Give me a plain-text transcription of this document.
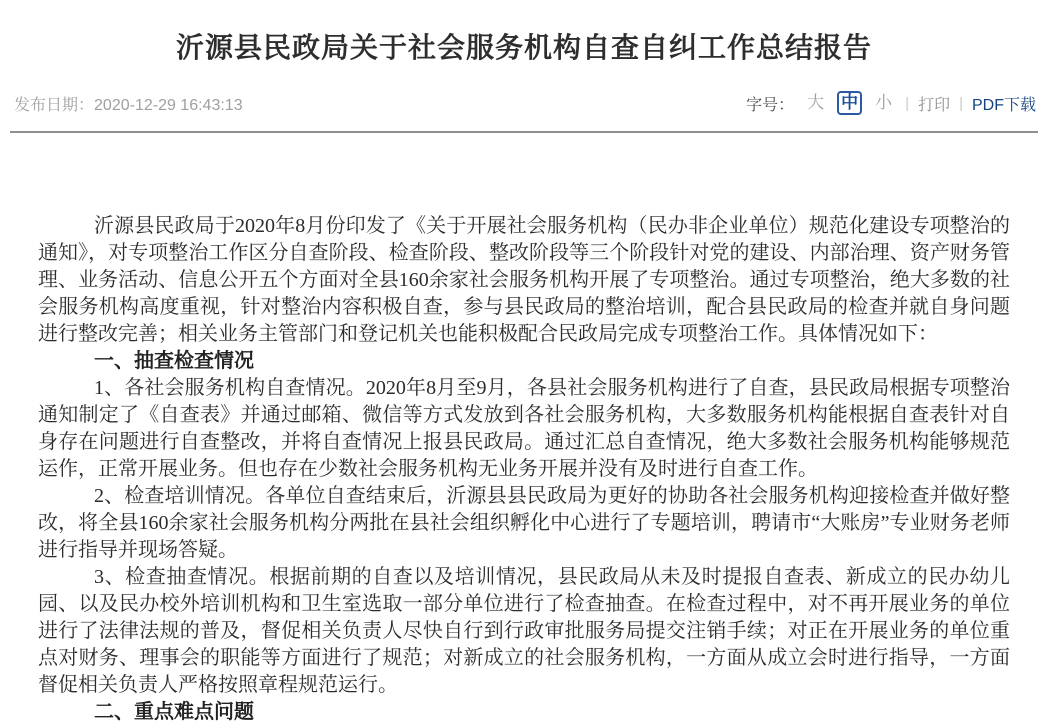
沂源县民政局关于社会服务机构自查自纠工作总结报告
发布日期：2020-12-29 16:43:13	字号： 大 中 小 | 打印 | PDF下载

沂源县民政局于2020年8月份印发了《关于开展社会服务机构（民办非企业单位）规范化建设专项整治的通知》，对专项整治工作区分自查阶段、检查阶段、整改阶段等三个阶段针对党的建设、内部治理、资产财务管理、业务活动、信息公开五个方面对全县160余家社会服务机构开展了专项整治。通过专项整治，绝大多数的社会服务机构高度重视，针对整治内容积极自查，参与县民政局的整治培训，配合县民政局的检查并就自身问题进行整改完善；相关业务主管部门和登记机关也能积极配合民政局完成专项整治工作。具体情况如下：

一、抽查检查情况

1、各社会服务机构自查情况。2020年8月至9月，各县社会服务机构进行了自查，县民政局根据专项整治通知制定了《自查表》并通过邮箱、微信等方式发放到各社会服务机构，大多数服务机构能根据自查表针对自身存在问题进行自查整改，并将自查情况上报县民政局。通过汇总自查情况，绝大多数社会服务机构能够规范运作，正常开展业务。但也存在少数社会服务机构无业务开展并没有及时进行自查工作。

2、检查培训情况。各单位自查结束后，沂源县县民政局为更好的协助各社会服务机构迎接检查并做好整改，将全县160余家社会服务机构分两批在县社会组织孵化中心进行了专题培训，聘请市“大账房”专业财务老师进行指导并现场答疑。

3、检查抽查情况。根据前期的自查以及培训情况，县民政局从未及时提报自查表、新成立的民办幼儿园、以及民办校外培训机构和卫生室选取一部分单位进行了检查抽查。在检查过程中，对不再开展业务的单位进行了法律法规的普及，督促相关负责人尽快自行到行政审批服务局提交注销手续；对正在开展业务的单位重点对财务、理事会的职能等方面进行了规范；对新成立的社会服务机构，一方面从成立会时进行指导，一方面督促相关负责人严格按照章程规范运行。

二、重点难点问题
